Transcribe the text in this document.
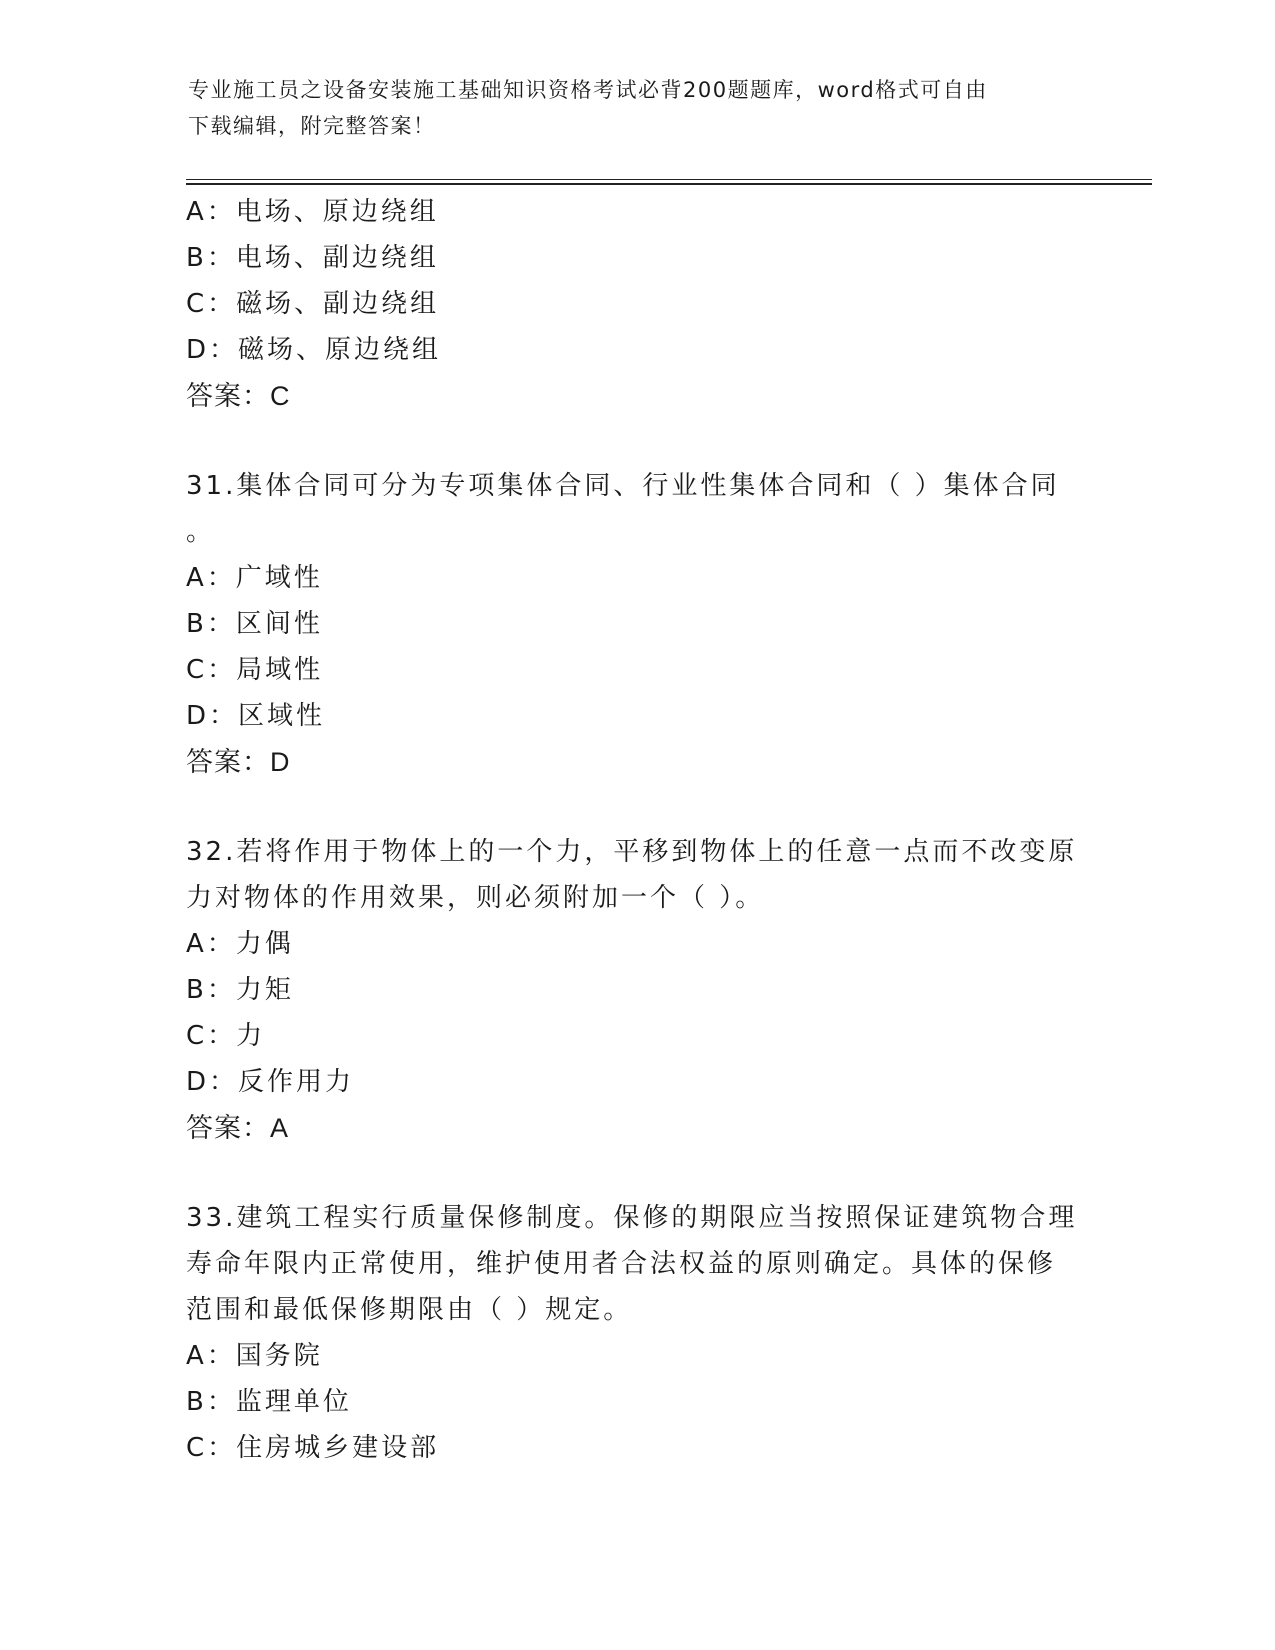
专业施工员之设备安装施工基础知识资格考试必背200题题库，word格式可自由
下载编辑，附完整答案！
A：电场、原边绕组
B：电场、副边绕组
C：磁场、副边绕组
D：磁场、原边绕组
答案：C
31.集体合同可分为专项集体合同、行业性集体合同和（ ）集体合同
。
A：广域性
B：区间性
C：局域性
D：区域性
答案：D
32.若将作用于物体上的一个力，平移到物体上的任意一点而不改变原
力对物体的作用效果，则必须附加一个（ ）。
A：力偶
B：力矩
C：力
D：反作用力
答案：A
33.建筑工程实行质量保修制度。保修的期限应当按照保证建筑物合理
寿命年限内正常使用，维护使用者合法权益的原则确定。具体的保修
范围和最低保修期限由（ ）规定。
A：国务院
B：监理单位
C：住房城乡建设部
